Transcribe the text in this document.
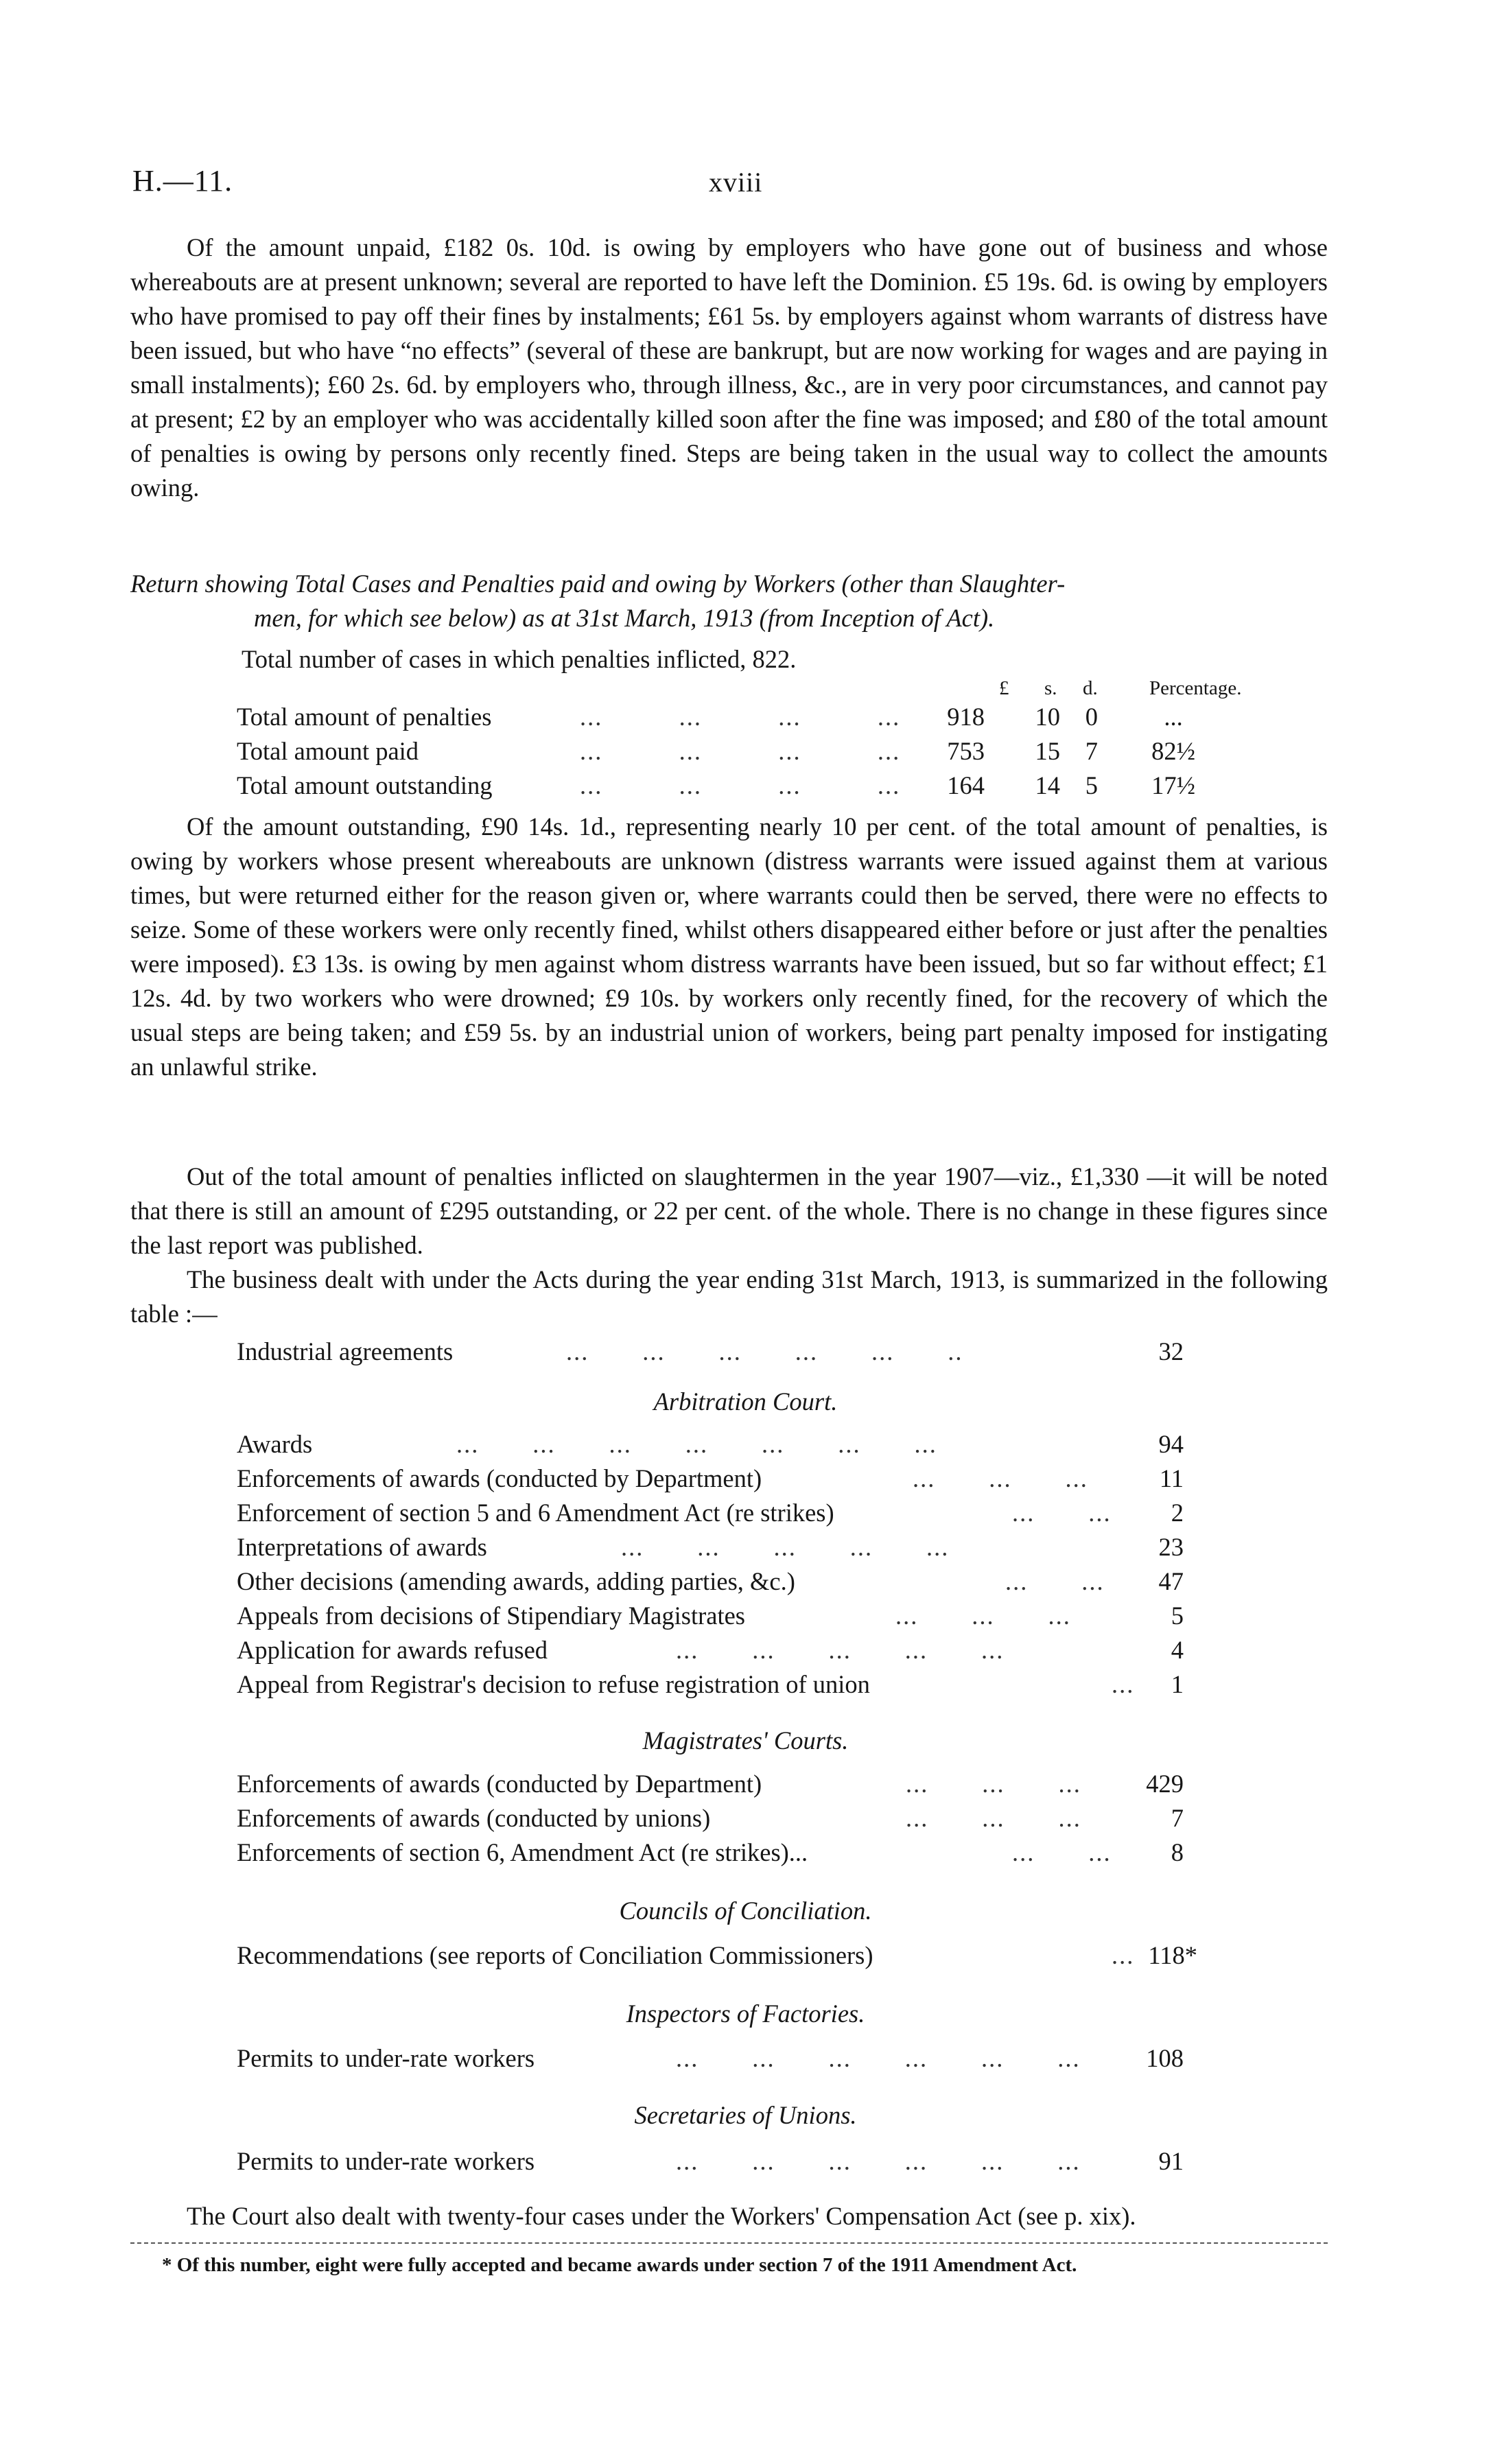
H.—11.	xviii

Of the amount unpaid, £182 0s. 10d. is owing by employers who have gone out of business and whose whereabouts are at present unknown; several are reported to have left the Dominion. £5 19s. 6d. is owing by employers who have promised to pay off their fines by instalments; £61 5s. by employers against whom warrants of distress have been issued, but who have “no effects” (several of these are bankrupt, but are now working for wages and are paying in small instalments); £60 2s. 6d. by employers who, through illness, &c., are in very poor circumstances, and cannot pay at present; £2 by an employer who was accidentally killed soon after the fine was imposed; and £80 of the total amount of penalties is owing by persons only recently fined. Steps are being taken in the usual way to collect the amounts owing.

Return showing Total Cases and Penalties paid and owing by Workers (other than Slaughter-
men, for which see below) as at 31st March, 1913 (from Inception of Act).
Total number of cases in which penalties inflicted, 822.
£ s. d.	Percentage.
Total amount of penalties	...          ...          ...          ...	918	10	0	...
Total amount paid	...          ...          ...          ...	753	15	7 82½
Total amount outstanding	...          ...          ...          ...	164	14	5 17½

Of the amount outstanding, £90 14s. 1d., representing nearly 10 per cent. of the total amount of penalties, is owing by workers whose present whereabouts are unknown (distress warrants were issued against them at various times, but were returned either for the reason given or, where warrants could then be served, there were no effects to seize. Some of these workers were only recently fined, whilst others disappeared either before or just after the penalties were imposed). £3 13s. is owing by men against whom distress warrants have been issued, but so far without effect; £1 12s. 4d. by two workers who were drowned; £9 10s. by workers only recently fined, for the recovery of which the usual steps are being taken; and £59 5s. by an industrial union of workers, being part penalty imposed for instigating an unlawful strike.

Out of the total amount of penalties inflicted on slaughtermen in the year 1907—viz., £1,330 —it will be noted that there is still an amount of £295 outstanding, or 22 per cent. of the whole. There is no change in these figures since the last report was published.

The business dealt with under the Acts during the year ending 31st March, 1913, is summarized in the following table :—

Industrial agreements	...       ...       ...       ...       ...       ..	32
Arbitration Court.
Awards	...       ...       ...       ...       ...       ...       ...	94
Enforcements of awards (conducted by Department)	...       ...       ...	11
Enforcement of section 5 and 6 Amendment Act (re strikes)	...       ...	2
Interpretations of awards	...       ...       ...       ...       ...	23
Other decisions (amending awards, adding parties, &c.)	...       ...	47
Appeals from decisions of Stipendiary Magistrates	...       ...       ...	5
Application for awards refused	...       ...       ...       ...       ...	4
Appeal from Registrar's decision to refuse registration of union	...	1
Magistrates' Courts.
Enforcements of awards (conducted by Department)	...       ...       ...	429
Enforcements of awards (conducted by unions)	...       ...       ...	7
Enforcements of section 6, Amendment Act (re strikes)...	...       ...	8
Councils of Conciliation.
Recommendations (see reports of Conciliation Commissioners)	... 118*
Inspectors of Factories.
Permits to under-rate workers	...       ...       ...       ...       ...       ...	108
Secretaries of Unions.
Permits to under-rate workers	...       ...       ...       ...       ...       ...	91

The Court also dealt with twenty-four cases under the Workers' Compensation Act (see p. xix).

* Of this number, eight were fully accepted and became awards under section 7 of the 1911 Amendment Act.
